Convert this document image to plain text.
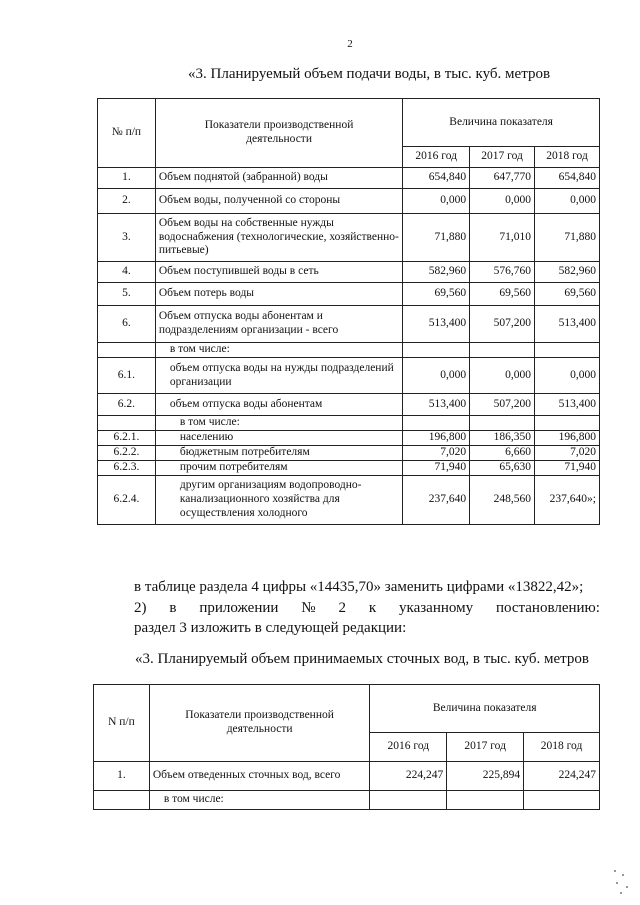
2
«3. Планируемый объем подачи воды, в тыс. куб. метров
№ п/п	Показатели производственной деятельности	Величина показателя		
		2016 год	2017 год	2018 год
1.	Объем поднятой (забранной) воды	654,840	647,770	654,840
2.	Объем воды, полученной со стороны	0,000	0,000	0,000
3.	Объем воды на собственные нужды водоснабжения (технологические, хозяйственно-питьевые)	71,880	71,010	71,880
4.	Объем поступившей воды в сеть	582,960	576,760	582,960
5.	Объем потерь воды	69,560	69,560	69,560
6.	Объем отпуска воды абонентам и подразделениям организации - всего	513,400	507,200	513,400
	в том числе:			
6.1.	объем отпуска воды на нужды подразделений организации	0,000	0,000	0,000
6.2.	объем отпуска воды абонентам	513,400	507,200	513,400
	в том числе:			
6.2.1.	населению	196,800	186,350	196,800
6.2.2.	бюджетным потребителям	7,020	6,660	7,020
6.2.3.	прочим потребителям	71,940	65,630	71,940
6.2.4.	другим организациям водопроводно-канализационного хозяйства для осуществления холодного	237,640	248,560	237,640»;
в таблице раздела 4 цифры «14435,70» заменить цифрами «13822,42»;
2) в приложении № 2 к указанному постановлению:
раздел 3 изложить в следующей редакции:
«3. Планируемый объем принимаемых сточных вод, в тыс. куб. метров
N п/п	Показатели производственной деятельности	Величина показателя		
		2016 год	2017 год	2018 год
1.	Объем отведенных сточных вод, всего	224,247	225,894	224,247
	в том числе:			
